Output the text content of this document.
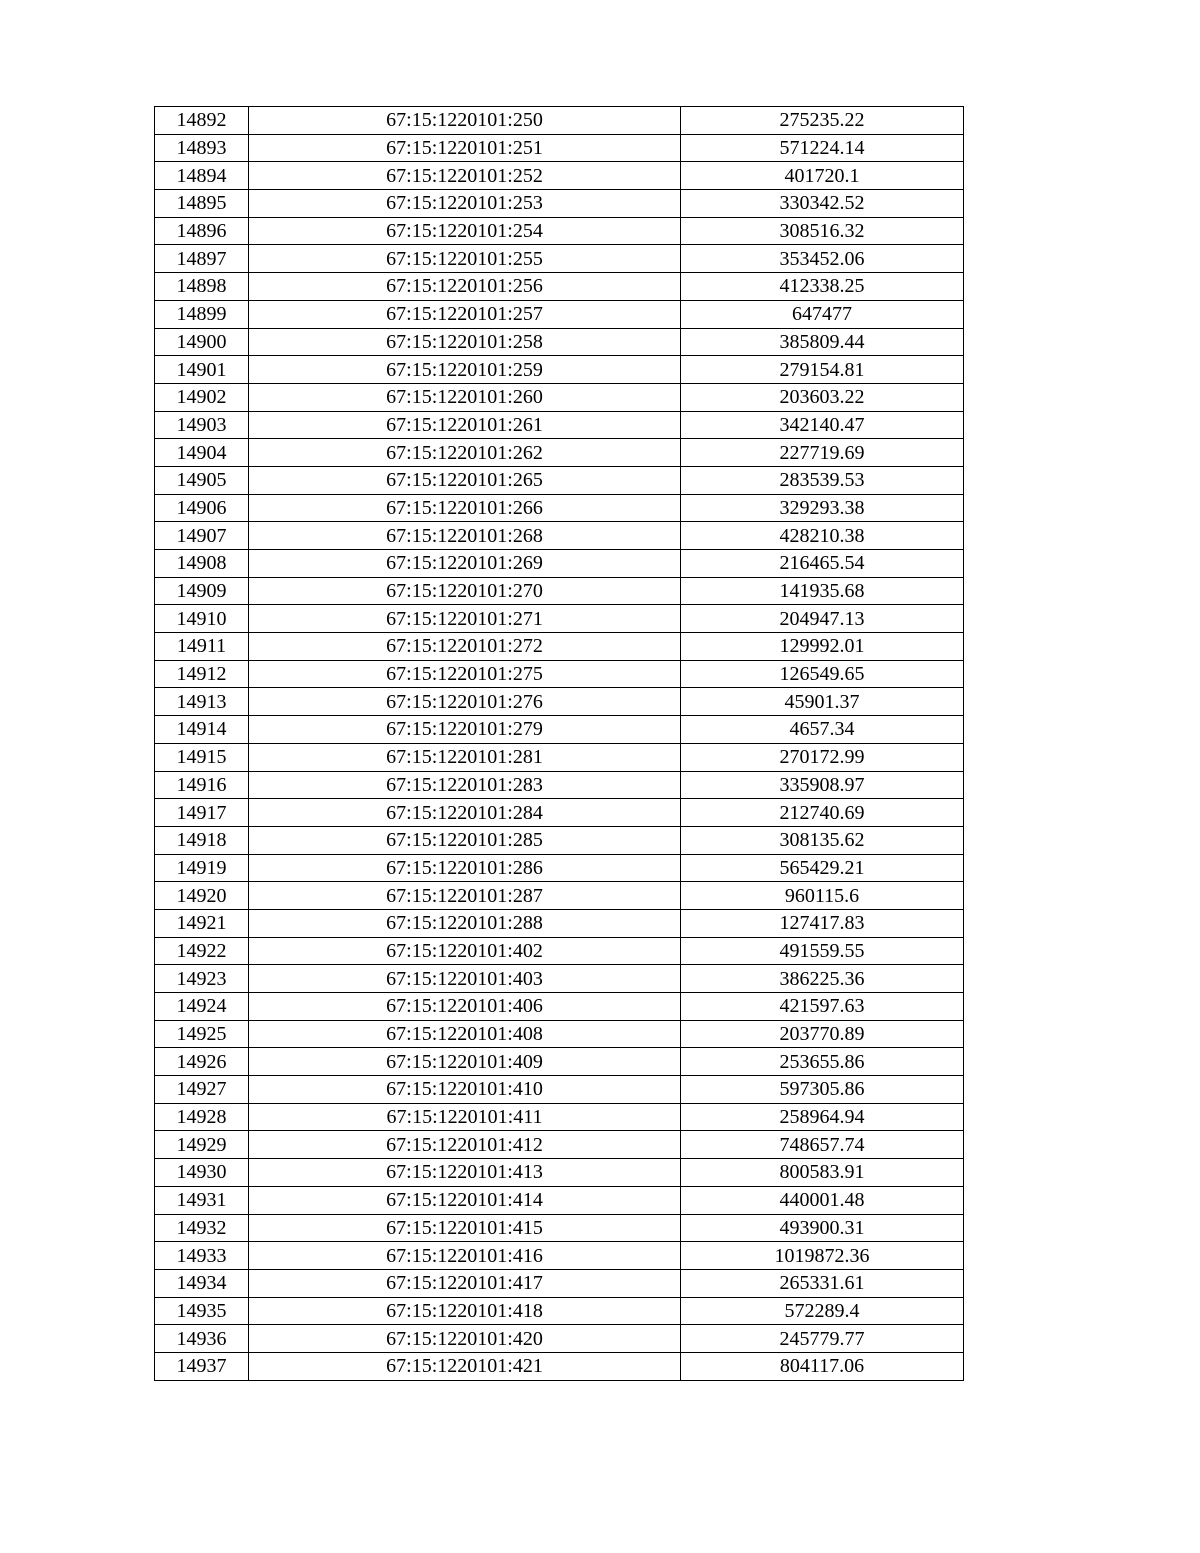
14892	67:15:1220101:250	275235.22
14893	67:15:1220101:251	571224.14
14894	67:15:1220101:252	401720.1
14895	67:15:1220101:253	330342.52
14896	67:15:1220101:254	308516.32
14897	67:15:1220101:255	353452.06
14898	67:15:1220101:256	412338.25
14899	67:15:1220101:257	647477
14900	67:15:1220101:258	385809.44
14901	67:15:1220101:259	279154.81
14902	67:15:1220101:260	203603.22
14903	67:15:1220101:261	342140.47
14904	67:15:1220101:262	227719.69
14905	67:15:1220101:265	283539.53
14906	67:15:1220101:266	329293.38
14907	67:15:1220101:268	428210.38
14908	67:15:1220101:269	216465.54
14909	67:15:1220101:270	141935.68
14910	67:15:1220101:271	204947.13
14911	67:15:1220101:272	129992.01
14912	67:15:1220101:275	126549.65
14913	67:15:1220101:276	45901.37
14914	67:15:1220101:279	4657.34
14915	67:15:1220101:281	270172.99
14916	67:15:1220101:283	335908.97
14917	67:15:1220101:284	212740.69
14918	67:15:1220101:285	308135.62
14919	67:15:1220101:286	565429.21
14920	67:15:1220101:287	960115.6
14921	67:15:1220101:288	127417.83
14922	67:15:1220101:402	491559.55
14923	67:15:1220101:403	386225.36
14924	67:15:1220101:406	421597.63
14925	67:15:1220101:408	203770.89
14926	67:15:1220101:409	253655.86
14927	67:15:1220101:410	597305.86
14928	67:15:1220101:411	258964.94
14929	67:15:1220101:412	748657.74
14930	67:15:1220101:413	800583.91
14931	67:15:1220101:414	440001.48
14932	67:15:1220101:415	493900.31
14933	67:15:1220101:416	1019872.36
14934	67:15:1220101:417	265331.61
14935	67:15:1220101:418	572289.4
14936	67:15:1220101:420	245779.77
14937	67:15:1220101:421	804117.06
